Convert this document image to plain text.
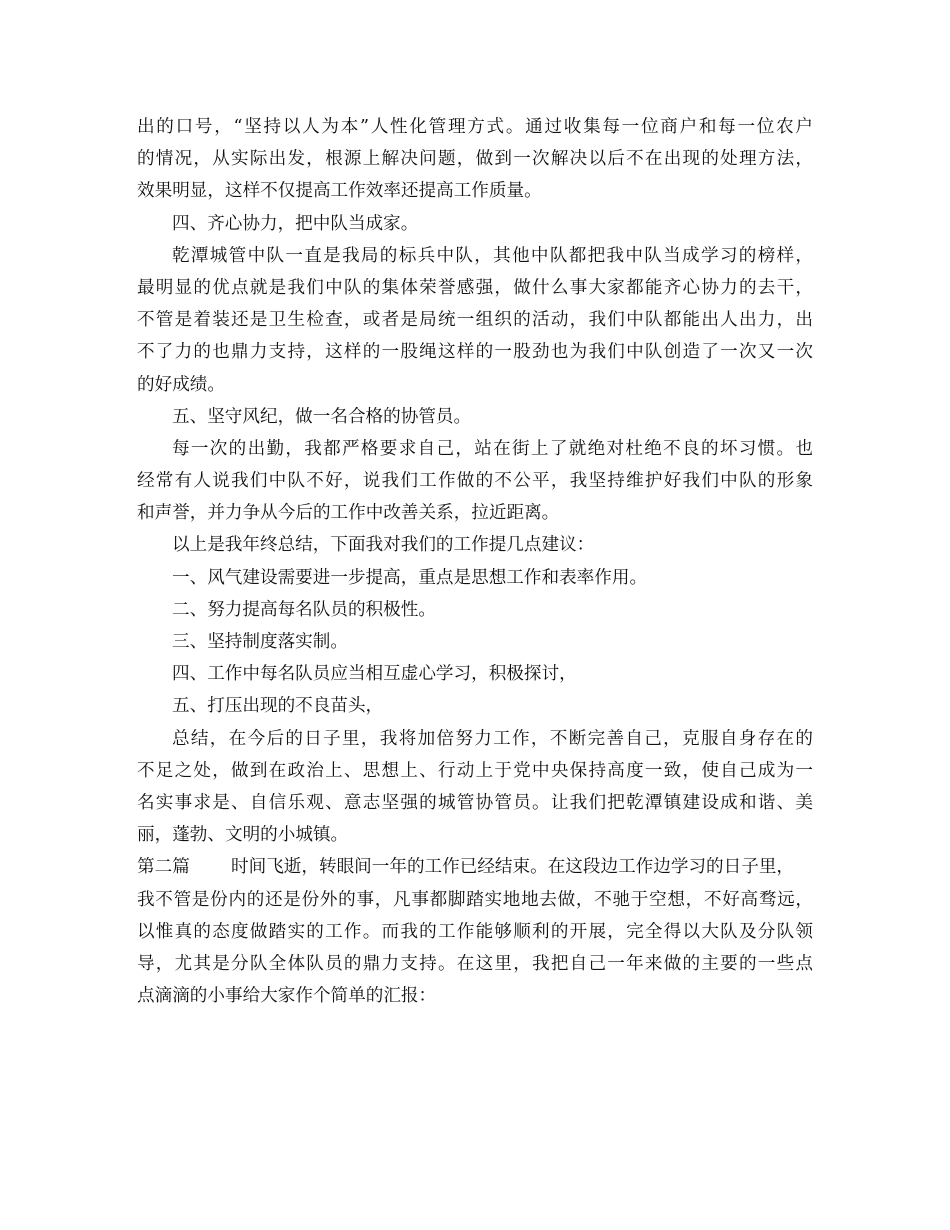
出的口号，“坚持以人为本”人性化管理方式。通过收集每一位商户和每一位农户
的情况，从实际出发，根源上解决问题，做到一次解决以后不在出现的处理方法，
效果明显，这样不仅提高工作效率还提高工作质量。
四、齐心协力，把中队当成家。
乾潭城管中队一直是我局的标兵中队，其他中队都把我中队当成学习的榜样，
最明显的优点就是我们中队的集体荣誉感强，做什么事大家都能齐心协力的去干，
不管是着装还是卫生检查，或者是局统一组织的活动，我们中队都能出人出力，出
不了力的也鼎力支持，这样的一股绳这样的一股劲也为我们中队创造了一次又一次
的好成绩。
五、坚守风纪，做一名合格的协管员。
每一次的出勤，我都严格要求自己，站在街上了就绝对杜绝不良的坏习惯。也
经常有人说我们中队不好，说我们工作做的不公平，我坚持维护好我们中队的形象
和声誉，并力争从今后的工作中改善关系，拉近距离。
以上是我年终总结，下面我对我们的工作提几点建议：
一、风气建设需要进一步提高，重点是思想工作和表率作用。
二、努力提高每名队员的积极性。
三、坚持制度落实制。
四、工作中每名队员应当相互虚心学习，积极探讨，
五、打压出现的不良苗头，
总结，在今后的日子里，我将加倍努力工作，不断完善自己，克服自身存在的
不足之处，做到在政治上、思想上、行动上于党中央保持高度一致，使自己成为一
名实事求是、自信乐观、意志坚强的城管协管员。让我们把乾潭镇建设成和谐、美
丽，蓬勃、文明的小城镇。
第二篇 时间飞逝，转眼间一年的工作已经结束。在这段边工作边学习的日子里，
我不管是份内的还是份外的事，凡事都脚踏实地地去做，不驰于空想，不好高骛远，
以惟真的态度做踏实的工作。而我的工作能够顺利的开展，完全得以大队及分队领
导，尤其是分队全体队员的鼎力支持。在这里，我把自己一年来做的主要的一些点
点滴滴的小事给大家作个简单的汇报：
